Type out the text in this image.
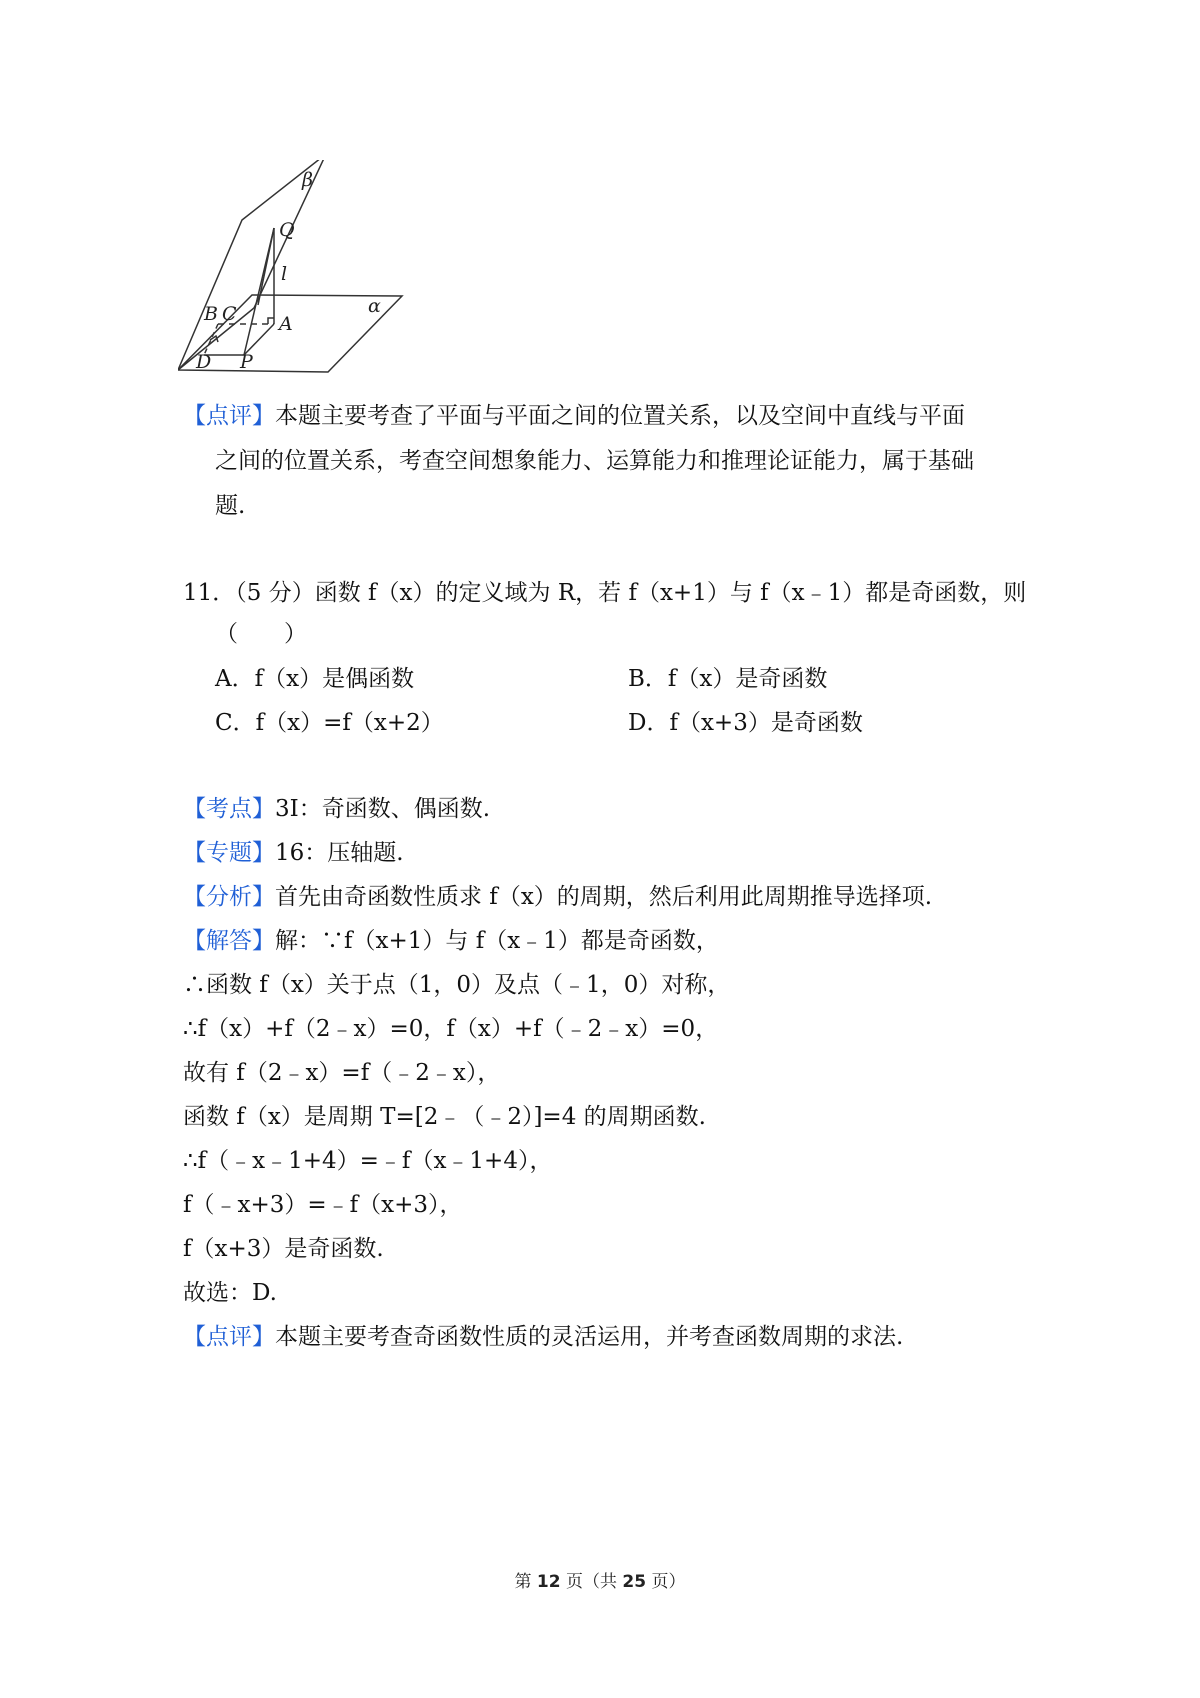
β
Q
l
B C A
α
D P
【点评】本题主要考查了平面与平面之间的位置关系，以及空间中直线与平面
之间的位置关系，考查空间想象能力、运算能力和推理论证能力，属于基础
题.
11．（5 分）函数 f（x）的定义域为 R，若 f（x+1）与 f（x﹣1）都是奇函数，则
（　　）
A．f（x）是偶函数	B．f（x）是奇函数
C．f（x）=f（x+2）	D．f（x+3）是奇函数
【考点】3I：奇函数、偶函数.
【专题】16：压轴题.
【分析】首先由奇函数性质求 f（x）的周期，然后利用此周期推导选择项.
【解答】解：∵f（x+1）与 f（x﹣1）都是奇函数，
∴函数 f（x）关于点（1，0）及点（﹣1，0）对称，
∴f（x）+f（2﹣x）=0，f（x）+f（﹣2﹣x）=0，
故有 f（2﹣x）=f（﹣2﹣x），
函数 f（x）是周期 T=[2﹣（﹣2）]=4 的周期函数.
∴f（﹣x﹣1+4）=﹣f（x﹣1+4），
f（﹣x+3）=﹣f（x+3），
f（x+3）是奇函数.
故选：D.
【点评】本题主要考查奇函数性质的灵活运用，并考查函数周期的求法.
第 12 页（共 25 页）
